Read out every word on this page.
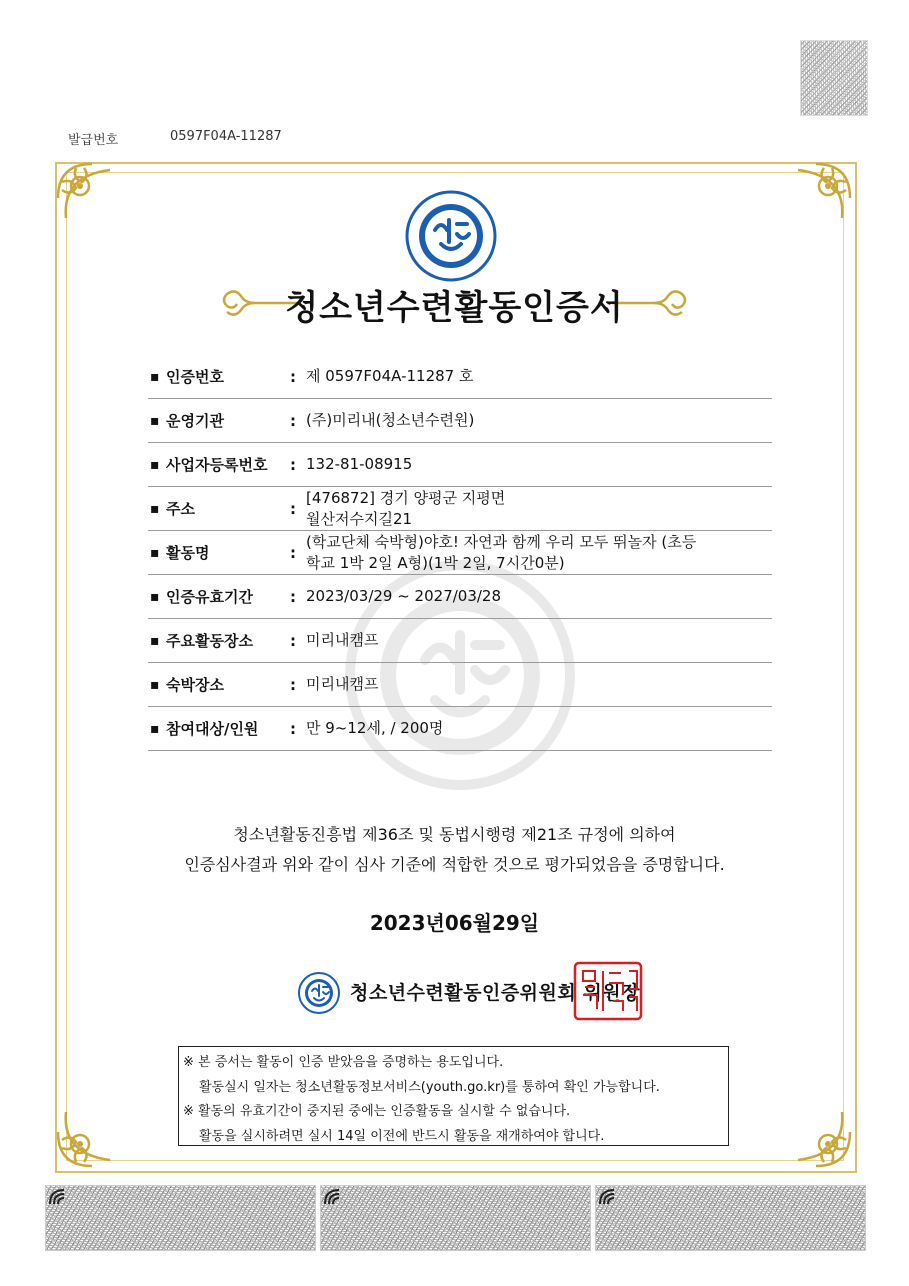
발급번호	0597F04A-11287
청소년수련활동인증서
▪ 인증번호	: 제 0597F04A-11287 호
▪ 운영기관	: (주)미리내(청소년수련원)
▪ 사업자등록번호	: 132-81-08915
▪ 주소	:
[476872] 경기 양평군 지평면
월산저수지길21
▪ 활동명	:
(학교단체 숙박형)야호! 자연과 함께 우리 모두 뛰놀자 (초등
학교 1박 2일 A형)(1박 2일, 7시간0분)
▪ 인증유효기간	: 2023/03/29 ~ 2027/03/28
▪ 주요활동장소	: 미리내캠프
▪ 숙박장소	: 미리내캠프
▪ 참여대상/인원	: 만 9~12세, / 200명
청소년활동진흥법 제36조 및 동법시행령 제21조 규정에 의하여
인증심사결과 위와 같이 심사 기준에 적합한 것으로 평가되었음을 증명합니다.
2023년06월29일
청소년수련활동인증위원회 위원장
※ 본 증서는 활동이 인증 받았음을 증명하는 용도입니다.
활동실시 일자는 청소년활동정보서비스(youth.go.kr)를 통하여 확인 가능합니다.
※ 활동의 유효기간이 중지된 중에는 인증활동을 실시할 수 없습니다.
활동을 실시하려면 실시 14일 이전에 반드시 활동을 재개하여야 합니다.
